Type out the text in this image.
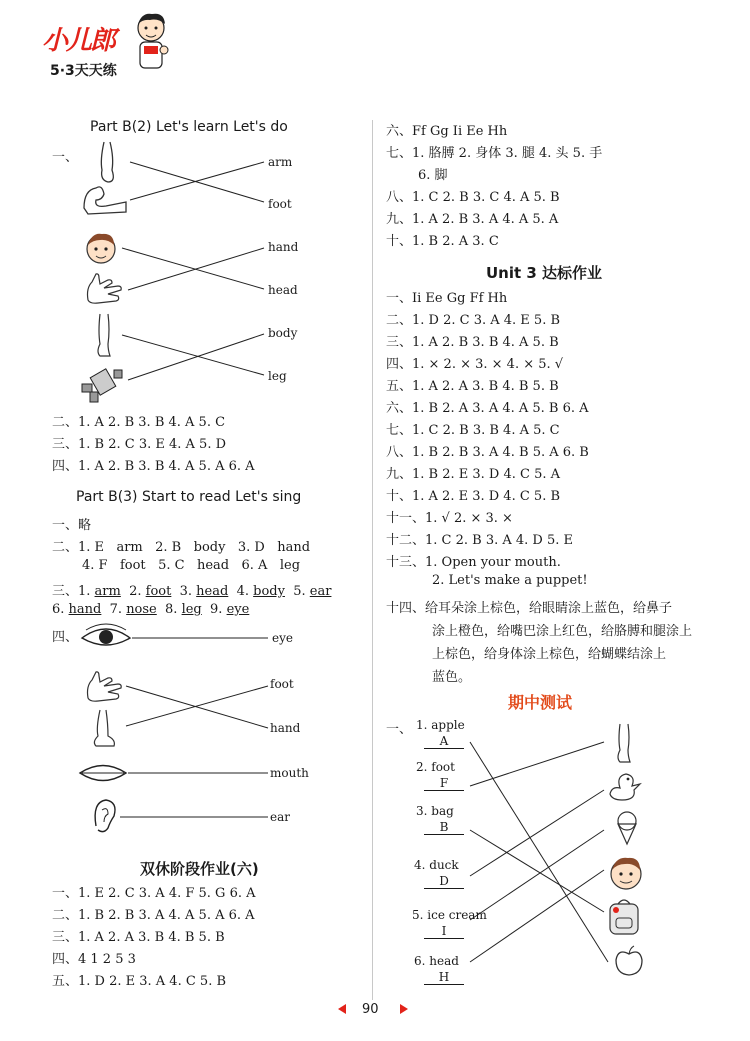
小儿郎
5·3天天练
Part B(2) Let's learn Let's do
一、	arm
foot
hand
head
body
leg
二、1. A 2. B 3. B 4. A 5. C
三、1. B 2. C 3. E 4. A 5. D
四、1. A 2. B 3. B 4. A 5. A 6. A
Part B(3) Start to read Let's sing
一、略
二、1. E arm 2. B body 3. D hand
4. F foot 5. C head 6. A leg
三、1. arm 2. foot 3. head 4. body 5. ear
6. hand 7. nose 8. leg 9. eye
四、	eye
foot
hand
mouth
ear
双休阶段作业(六)
一、1. E 2. C 3. A 4. F 5. G 6. A
二、1. B 2. B 3. A 4. A 5. A 6. A
三、1. A 2. A 3. B 4. B 5. B
四、4 1 2 5 3
五、1. D 2. E 3. A 4. C 5. B
六、Ff Gg Ii Ee Hh
七、1. 胳膊 2. 身体 3. 腿 4. 头 5. 手
6. 脚
八、1. C 2. B 3. C 4. A 5. B
九、1. A 2. B 3. A 4. A 5. A
十、1. B 2. A 3. C
Unit 3 达标作业
一、Ii Ee Gg Ff Hh
二、1. D 2. C 3. A 4. E 5. B
三、1. A 2. B 3. B 4. A 5. B
四、1. × 2. × 3. × 4. × 5. √
五、1. A 2. A 3. B 4. B 5. B
六、1. B 2. A 3. A 4. A 5. B 6. A
七、1. C 2. B 3. B 4. A 5. C
八、1. B 2. B 3. A 4. B 5. A 6. B
九、1. B 2. E 3. D 4. C 5. A
十、1. A 2. E 3. D 4. C 5. B
十一、1. √ 2. × 3. ×
十二、1. C 2. B 3. A 4. D 5. E
十三、1. Open your mouth.
2. Let's make a puppet!
十四、给耳朵涂上棕色，给眼睛涂上蓝色，给鼻子
涂上橙色，给嘴巴涂上红色，给胳膊和腿涂上
上棕色，给身体涂上棕色，给蝴蝶结涂上
蓝色。
期中测试
一、 1. apple
A
2. foot
F
3. bag
B
4. duck
D
5. ice cream
I
6. head
H
90
